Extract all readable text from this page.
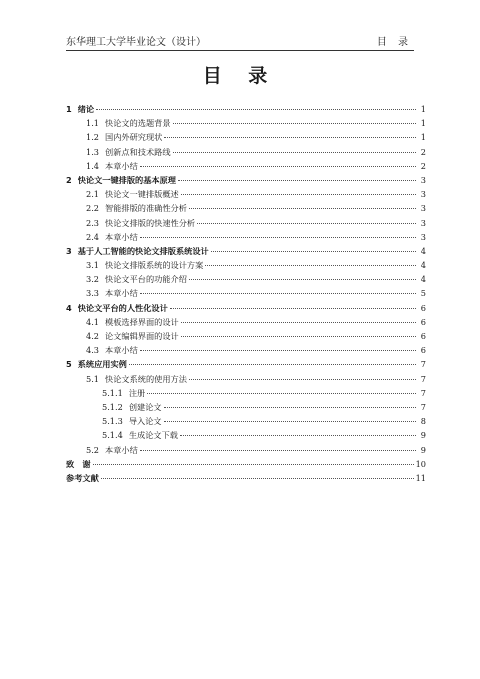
东华理工大学毕业论文（设计）	目 录
目 录
1 绪论	1
1.1 快论文的选题背景	1
1.2 国内外研究现状	1
1.3 创新点和技术路线	2
1.4 本章小结	2
2 快论文一键排版的基本原理	3
2.1 快论文一键排版概述	3
2.2 智能排版的准确性分析	3
2.3 快论文排版的快速性分析	3
2.4 本章小结	3
3 基于人工智能的快论文排版系统设计	4
3.1 快论文排版系统的设计方案	4
3.2 快论文平台的功能介绍	4
3.3 本章小结	5
4 快论文平台的人性化设计	6
4.1 模板选择界面的设计	6
4.2 论文编辑界面的设计	6
4.3 本章小结	6
5 系统应用实例	7
5.1 快论文系统的使用方法	7
5.1.1 注册	7
5.1.2 创建论文	7
5.1.3 导入论文	8
5.1.4 生成论文下载	9
5.2 本章小结	9
致　谢	10
参考文献	11
